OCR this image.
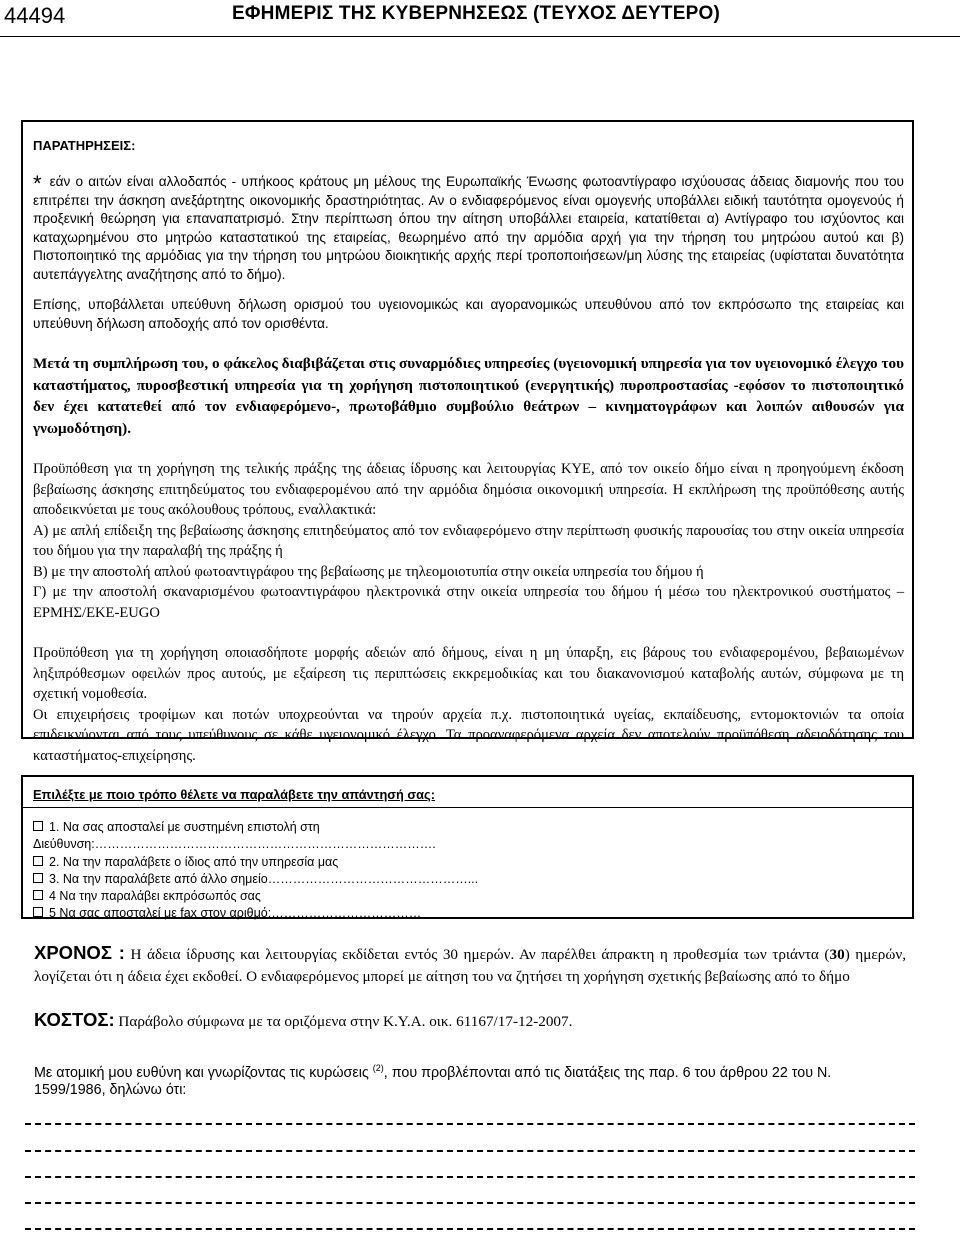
44494	ΕΦΗΜΕΡΙΣ ΤΗΣ ΚΥΒΕΡΝΗΣΕΩΣ (ΤΕΥΧΟΣ ΔΕΥΤΕΡΟ)
ΠΑΡΑΤΗΡΗΣΕΙΣ:

* εάν ο αιτών είναι αλλοδαπός - υπήκοος κράτους μη μέλους της Ευρωπαϊκής Ένωσης φωτοαντίγραφο ισχύουσας άδειας διαμονής που του επιτρέπει την άσκηση ανεξάρτητης οικονομικής δραστηριότητας. Αν ο ενδιαφερόμενος είναι ομογενής υποβάλλει ειδική ταυτότητα ομογενούς ή προξενική θεώρηση για επαναπατρισμό. Στην περίπτωση όπου την αίτηση υποβάλλει εταιρεία, κατατίθεται α) Αντίγραφο του ισχύοντος και καταχωρημένου στο μητρώο καταστατικού της εταιρείας, θεωρημένο από την αρμόδια αρχή για την τήρηση του μητρώου αυτού και β) Πιστοποιητικό της αρμόδιας για την τήρηση του μητρώου διοικητικής αρχής περί τροποποιήσεων/μη λύσης της εταιρείας (υφίσταται δυνατότητα αυτεπάγγελτης αναζήτησης από το δήμο).

Επίσης, υποβάλλεται υπεύθυνη δήλωση ορισμού του υγειονομικώς και αγορανομικώς υπευθύνου από τον εκπρόσωπο της εταιρείας και υπεύθυνη δήλωση αποδοχής από τον ορισθέντα.

Μετά τη συμπλήρωση του, ο φάκελος διαβιβάζεται στις συναρμόδιες υπηρεσίες (υγειονομική υπηρεσία για τον υγειονομικό έλεγχο του καταστήματος, πυροσβεστική υπηρεσία για τη χορήγηση πιστοποιητικού (ενεργητικής) πυροπροστασίας -εφόσον το πιστοποιητικό δεν έχει κατατεθεί από τον ενδιαφερόμενο-, πρωτοβάθμιο συμβούλιο θεάτρων – κινηματογράφων και λοιπών αιθουσών για γνωμοδότηση).

Προϋπόθεση για τη χορήγηση της τελικής πράξης της άδειας ίδρυσης και λειτουργίας ΚΥΕ, από τον οικείο δήμο είναι η προηγούμενη έκδοση βεβαίωσης άσκησης επιτηδεύματος του ενδιαφερομένου από την αρμόδια δημόσια οικονομική υπηρεσία. Η εκπλήρωση της προϋπόθεσης αυτής αποδεικνύεται με τους ακόλουθους τρόπους, εναλλακτικά:

Α) με απλή επίδειξη της βεβαίωσης άσκησης επιτηδεύματος από τον ενδιαφερόμενο στην περίπτωση φυσικής παρουσίας του στην οικεία υπηρεσία του δήμου για την παραλαβή της πράξης ή

Β) με την αποστολή απλού φωτοαντιγράφου της βεβαίωσης με τηλεομοιοτυπία στην οικεία υπηρεσία του δήμου ή

Γ) με την αποστολή σκαναρισμένου φωτοαντιγράφου ηλεκτρονικά στην οικεία υπηρεσία του δήμου ή μέσω του ηλεκτρονικού συστήματος –ΕΡΜΗΣ/ΕΚΕ-EUGO

Προϋπόθεση για τη χορήγηση οποιασδήποτε μορφής αδειών από δήμους, είναι η μη ύπαρξη, εις βάρους του ενδιαφερομένου, βεβαιωμένων ληξιπρόθεσμων οφειλών προς αυτούς, με εξαίρεση τις περιπτώσεις εκκρεμοδικίας και του διακανονισμού καταβολής αυτών, σύμφωνα με τη σχετική νομοθεσία.

Οι επιχειρήσεις τροφίμων και ποτών υποχρεούνται να τηρούν αρχεία π.χ. πιστοποιητικά υγείας, εκπαίδευσης, εντομοκτονιών τα οποία επιδεικνύονται από τους υπεύθυνους σε κάθε υγειονομικό έλεγχο. Τα προαναφερόμενα αρχεία δεν αποτελούν προϋπόθεση αδειοδότησης του καταστήματος-επιχείρησης.

Επιλέξτε με ποιο τρόπο θέλετε να παραλάβετε την απάντησή σας:
1. Να σας αποσταλεί με συστημένη επιστολή στη
Διεύθυνση:……………………………………………………………………….
2. Να την παραλάβετε ο ίδιος από την υπηρεσία μας
3. Να την παραλάβετε από άλλο σημείο…………………………………………...
4 Να την παραλάβει εκπρόσωπός σας
5 Να σας αποσταλεί με fax στον αριθμό:………………………………
ΧΡΟΝΟΣ : Η άδεια ίδρυσης και λειτουργίας εκδίδεται εντός 30 ημερών. Αν παρέλθει άπρακτη η προθεσμία των τριάντα (30) ημερών, λογίζεται ότι η άδεια έχει εκδοθεί. Ο ενδιαφερόμενος μπορεί με αίτηση του να ζητήσει τη χορήγηση σχετικής βεβαίωσης από το δήμο
ΚΟΣΤΟΣ: Παράβολο σύμφωνα με τα οριζόμενα στην Κ.Υ.Α. οικ. 61167/17-12-2007.
Με ατομική μου ευθύνη και γνωρίζοντας τις κυρώσεις $^{(2)}$, που προβλέπονται από τις διατάξεις της παρ. 6 του άρθρου 22 του Ν. 1599/1986, δηλώνω ότι:
